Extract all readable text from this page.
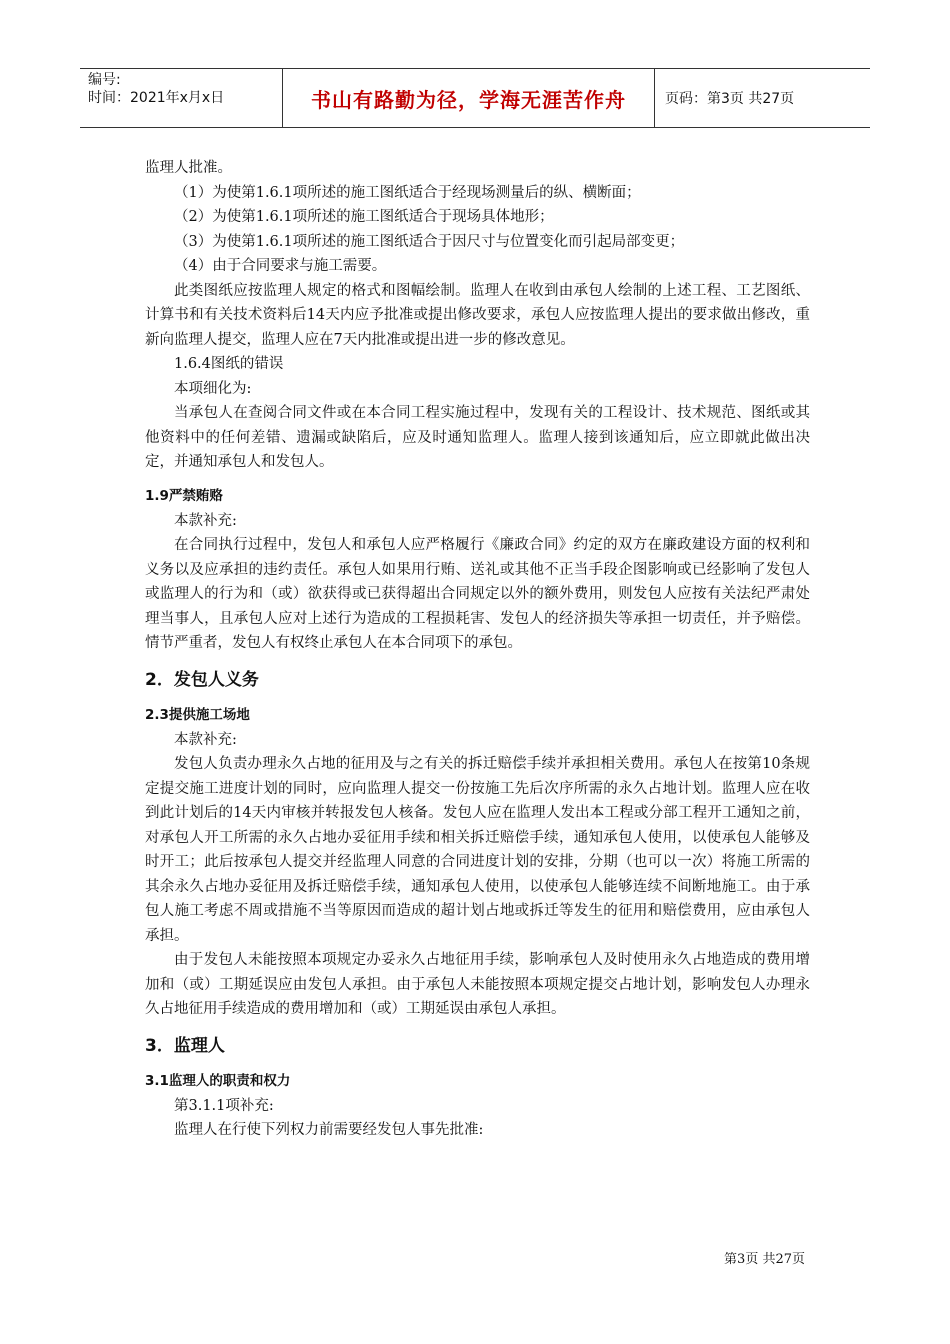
编号:
时间：2021年x月x日	书山有路勤为径，学海无涯苦作舟	页码：第3页 共27页

监理人批准。

（1）为使第1.6.1项所述的施工图纸适合于经现场测量后的纵、横断面；

（2）为使第1.6.1项所述的施工图纸适合于现场具体地形；

（3）为使第1.6.1项所述的施工图纸适合于因尺寸与位置变化而引起局部变更；

（4）由于合同要求与施工需要。

此类图纸应按监理人规定的格式和图幅绘制。监理人在收到由承包人绘制的上述工程、工艺图纸、计算书和有关技术资料后14天内应予批准或提出修改要求，承包人应按监理人提出的要求做出修改，重新向监理人提交，监理人应在7天内批准或提出进一步的修改意见。

1.6.4图纸的错误

本项细化为:

当承包人在查阅合同文件或在本合同工程实施过程中，发现有关的工程设计、技术规范、图纸或其他资料中的任何差错、遗漏或缺陷后，应及时通知监理人。监理人接到该通知后，应立即就此做出决定，并通知承包人和发包人。

1.9严禁贿赂

本款补充:

在合同执行过程中，发包人和承包人应严格履行《廉政合同》约定的双方在廉政建设方面的权利和义务以及应承担的违约责任。承包人如果用行贿、送礼或其他不正当手段企图影响或已经影响了发包人或监理人的行为和（或）欲获得或已获得超出合同规定以外的额外费用，则发包人应按有关法纪严肃处理当事人，且承包人应对上述行为造成的工程损耗害、发包人的经济损失等承担一切责任，并予赔偿。情节严重者，发包人有权终止承包人在本合同项下的承包。

2．发包人义务
2.3提供施工场地

本款补充:

发包人负责办理永久占地的征用及与之有关的拆迁赔偿手续并承担相关费用。承包人在按第10条规定提交施工进度计划的同时，应向监理人提交一份按施工先后次序所需的永久占地计划。监理人应在收到此计划后的14天内审核并转报发包人核备。发包人应在监理人发出本工程或分部工程开工通知之前，对承包人开工所需的永久占地办妥征用手续和相关拆迁赔偿手续，通知承包人使用，以使承包人能够及时开工；此后按承包人提交并经监理人同意的合同进度计划的安排，分期（也可以一次）将施工所需的其余永久占地办妥征用及拆迁赔偿手续，通知承包人使用，以使承包人能够连续不间断地施工。由于承包人施工考虑不周或措施不当等原因而造成的超计划占地或拆迁等发生的征用和赔偿费用，应由承包人承担。

由于发包人未能按照本项规定办妥永久占地征用手续，影响承包人及时使用永久占地造成的费用增加和（或）工期延误应由发包人承担。由于承包人未能按照本项规定提交占地计划，影响发包人办理永久占地征用手续造成的费用增加和（或）工期延误由承包人承担。

3．监理人
3.1监理人的职责和权力

第3.1.1项补充:

监理人在行使下列权力前需要经发包人事先批准:

第3页 共27页
